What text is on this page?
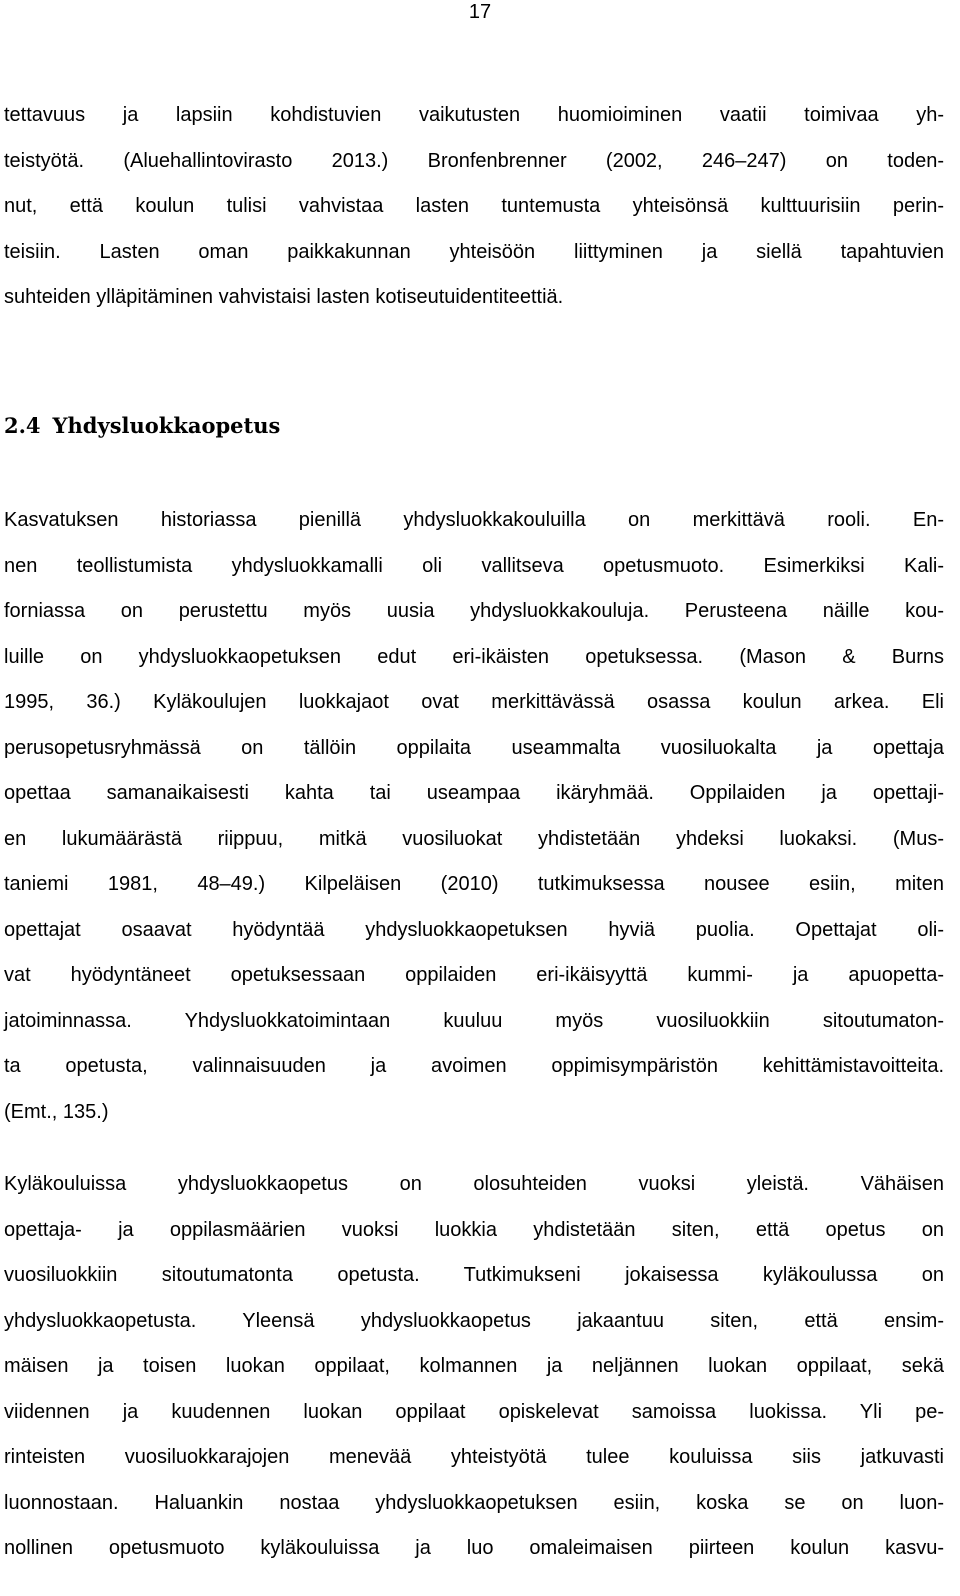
17
tettavuus ja lapsiin kohdistuvien vaikutusten huomioiminen vaatii toimivaa yh-
teistyötä. (Aluehallintovirasto 2013.) Bronfenbrenner (2002, 246–247) on toden-
nut, että koulun tulisi vahvistaa lasten tuntemusta yhteisönsä kulttuurisiin perin-
teisiin. Lasten oman paikkakunnan yhteisöön liittyminen ja siellä tapahtuvien
suhteiden ylläpitäminen vahvistaisi lasten kotiseutuidentiteettiä.
2.4 Yhdysluokkaopetus
Kasvatuksen historiassa pienillä yhdysluokkakouluilla on merkittävä rooli. En-
nen teollistumista yhdysluokkamalli oli vallitseva opetusmuoto. Esimerkiksi Kali-
forniassa on perustettu myös uusia yhdysluokkakouluja. Perusteena näille kou-
luille on yhdysluokkaopetuksen edut eri-ikäisten opetuksessa. (Mason & Burns
1995, 36.) Kyläkoulujen luokkajaot ovat merkittävässä osassa koulun arkea. Eli
perusopetusryhmässä on tällöin oppilaita useammalta vuosiluokalta ja opettaja
opettaa samanaikaisesti kahta tai useampaa ikäryhmää. Oppilaiden ja opettaji-
en lukumäärästä riippuu, mitkä vuosiluokat yhdistetään yhdeksi luokaksi. (Mus-
taniemi 1981, 48–49.) Kilpeläisen (2010) tutkimuksessa nousee esiin, miten
opettajat osaavat hyödyntää yhdysluokkaopetuksen hyviä puolia. Opettajat oli-
vat hyödyntäneet opetuksessaan oppilaiden eri-ikäisyyttä kummi- ja apuopetta-
jatoiminnassa. Yhdysluokkatoimintaan kuuluu myös vuosiluokkiin sitoutumaton-
ta opetusta, valinnaisuuden ja avoimen oppimisympäristön kehittämistavoitteita.
(Emt., 135.)
Kyläkouluissa yhdysluokkaopetus on olosuhteiden vuoksi yleistä. Vähäisen
opettaja- ja oppilasmäärien vuoksi luokkia yhdistetään siten, että opetus on
vuosiluokkiin sitoutumatonta opetusta. Tutkimukseni jokaisessa kyläkoulussa on
yhdysluokkaopetusta. Yleensä yhdysluokkaopetus jakaantuu siten, että ensim-
mäisen ja toisen luokan oppilaat, kolmannen ja neljännen luokan oppilaat, sekä
viidennen ja kuudennen luokan oppilaat opiskelevat samoissa luokissa. Yli pe-
rinteisten vuosiluokkarajojen menevää yhteistyötä tulee kouluissa siis jatkuvasti
luonnostaan. Haluankin nostaa yhdysluokkaopetuksen esiin, koska se on luon-
nollinen opetusmuoto kyläkouluissa ja luo omaleimaisen piirteen koulun kasvu-
